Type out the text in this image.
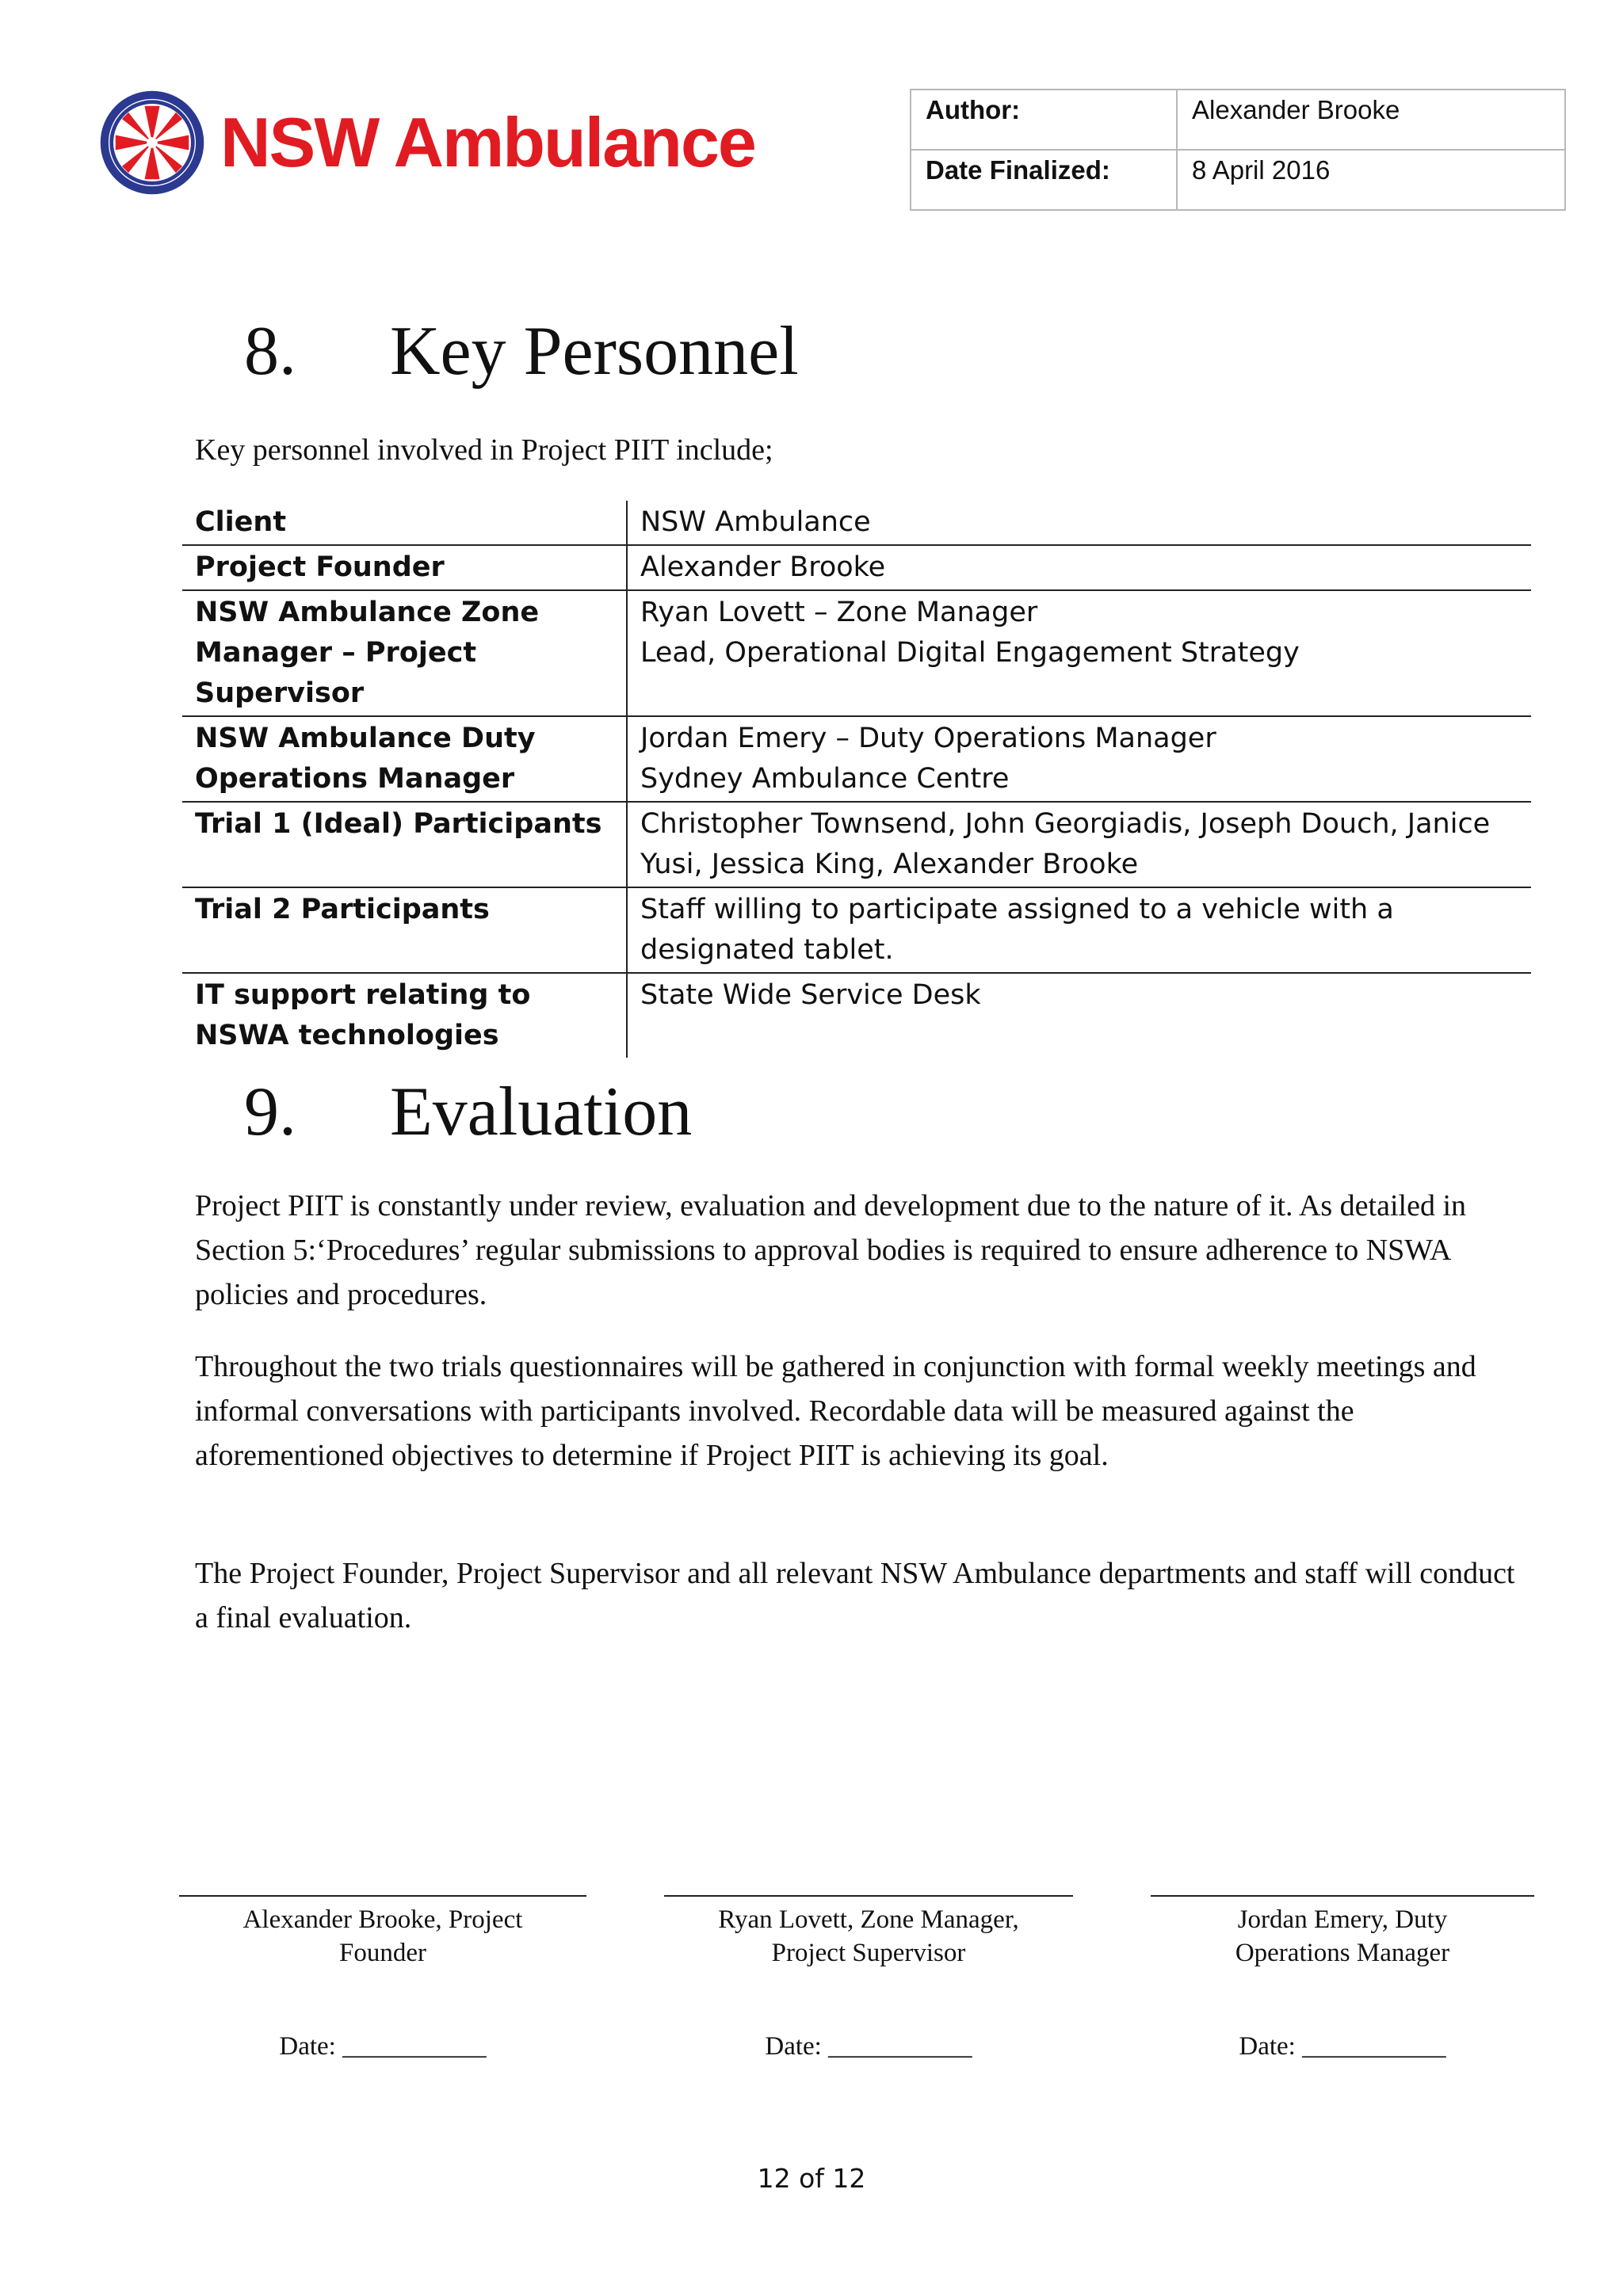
NSW Ambulance	Author:	Alexander Brooke
Date Finalized:	8 April 2016
8. Key Personnel

Key personnel involved in Project PIIT include;

Client	NSW Ambulance
Project Founder	Alexander Brooke
NSW Ambulance Zone Manager – Project Supervisor	Ryan Lovett – Zone Manager
Lead, Operational Digital Engagement Strategy
NSW Ambulance Duty Operations Manager	Jordan Emery – Duty Operations Manager
Sydney Ambulance Centre
Trial 1 (Ideal) Participants	Christopher Townsend, John Georgiadis, Joseph Douch, Janice Yusi, Jessica King, Alexander Brooke
Trial 2 Participants	Staff willing to participate assigned to a vehicle with a designated tablet.
IT support relating to NSWA technologies	State Wide Service Desk
9. Evaluation

Project PIIT is constantly under review, evaluation and development due to the nature of it. As detailed in Section 5:‘Procedures’ regular submissions to approval bodies is required to ensure adherence to NSWA policies and procedures.

Throughout the two trials questionnaires will be gathered in conjunction with formal weekly meetings and informal conversations with participants involved. Recordable data will be measured against the aforementioned objectives to determine if Project PIIT is achieving its goal.

The Project Founder, Project Supervisor and all relevant NSW Ambulance departments and staff will conduct a final evaluation.

Alexander Brooke, Project Founder
Date: ___________
Ryan Lovett, Zone Manager, Project Supervisor
Date: ___________
Jordan Emery, Duty Operations Manager
Date: ___________
12 of 12
